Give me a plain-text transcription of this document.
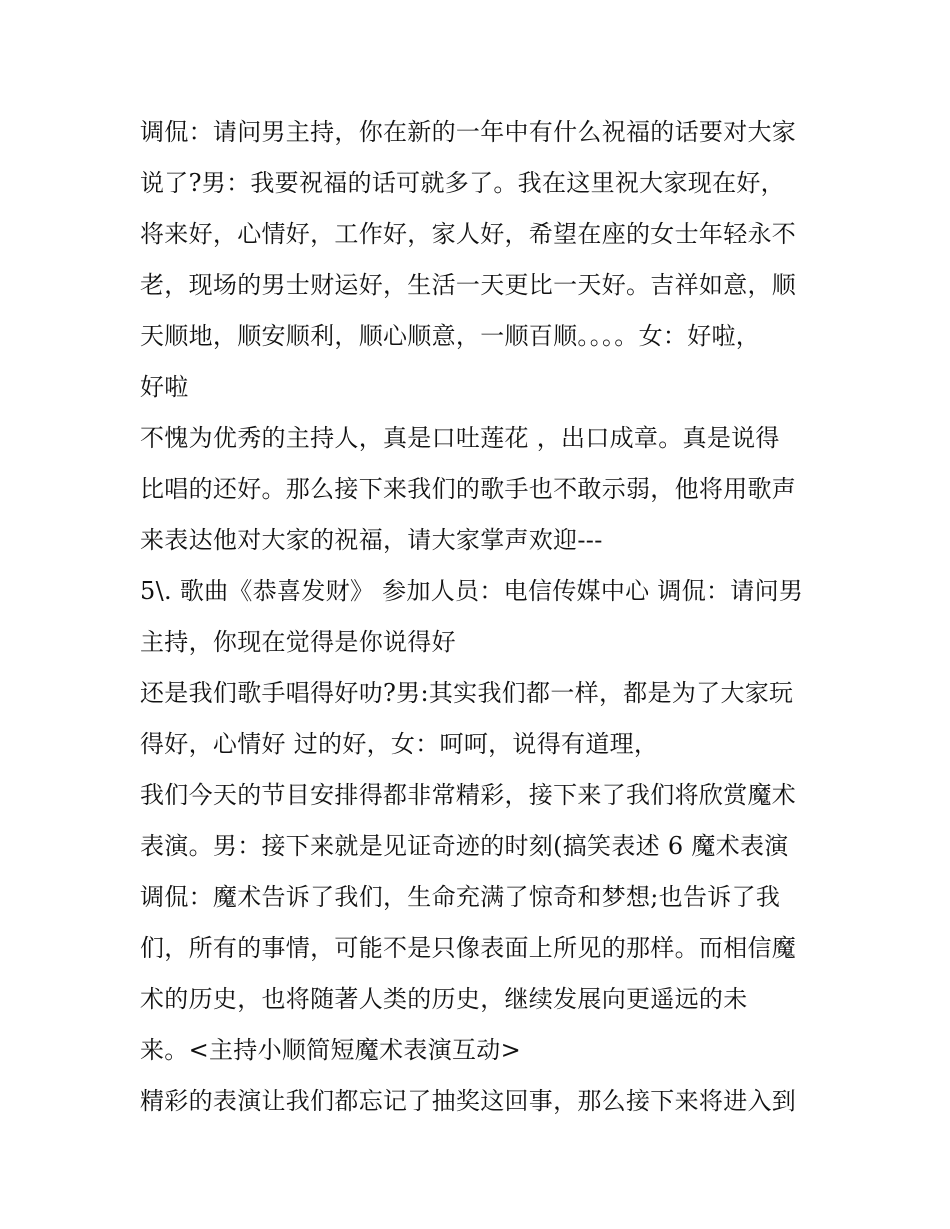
调侃：请问男主持，你在新的一年中有什么祝福的话要对大家
说了?男：我要祝福的话可就多了。我在这里祝大家现在好，
将来好，心情好，工作好，家人好，希望在座的女士年轻永不
老，现场的男士财运好，生活一天更比一天好。吉祥如意，顺
天顺地，顺安顺利，顺心顺意，一顺百顺。。。。女：好啦，
好啦
不愧为优秀的主持人，真是口吐莲花 ，出口成章。真是说得
比唱的还好。那么接下来我们的歌手也不敢示弱，他将用歌声
来表达他对大家的祝福，请大家掌声欢迎---
5\. 歌曲《恭喜发财》 参加人员：电信传媒中心 调侃：请问男
主持，你现在觉得是你说得好
还是我们歌手唱得好叻?男:其实我们都一样，都是为了大家玩
得好，心情好 过的好，女：呵呵，说得有道理，
我们今天的节目安排得都非常精彩，接下来了我们将欣赏魔术
表演。男：接下来就是见证奇迹的时刻(搞笑表述 6 魔术表演
调侃：魔术告诉了我们，生命充满了惊奇和梦想;也告诉了我
们，所有的事情，可能不是只像表面上所见的那样。而相信魔
术的历史，也将随著人类的历史，继续发展向更遥远的未
来。<主持小顺简短魔术表演互动>
精彩的表演让我们都忘记了抽奖这回事，那么接下来将进入到
